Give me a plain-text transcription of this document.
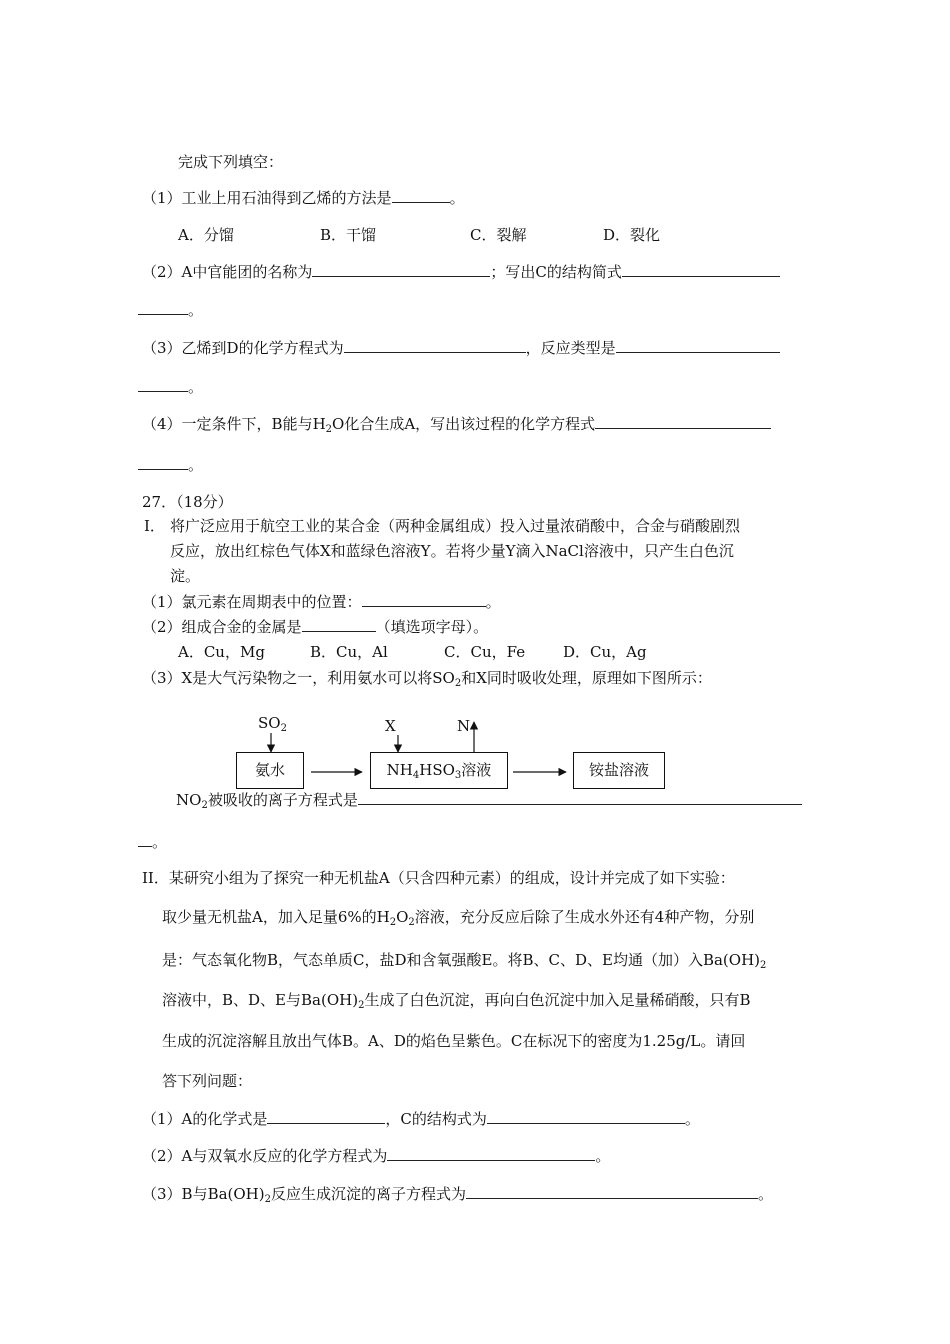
完成下列填空：
（1）工业上用石油得到乙烯的方法是	。
A．分馏	B．干馏	C．裂解	D．裂化
（2）A中官能团的名称为	；写出C的结构简式
。
（3）乙烯到D的化学方程式为	，反应类型是
。
（4）一定条件下，B能与$H_2O$化合生成A，写出该过程的化学方程式
。
27．（18分）
Ⅰ． 将广泛应用于航空工业的某合金（两种金属组成）投入过量浓硝酸中，合金与硝酸剧烈
反应，放出红棕色气体X和蓝绿色溶液Y。若将少量Y滴入NaCl溶液中，只产生白色沉
淀。
（1）氯元素在周期表中的位置：	。
（2）组成合金的金属是	（填选项字母）。
A．Cu，Mg	B．Cu，Al	C．Cu，Fe	D．Cu，Ag
（3）X是大气污染物之一，利用氨水可以将$SO_2$和X同时吸收处理，原理如下图所示：
$SO_2$	X	N
氨水	$NH_4HSO_3$溶液	铵盐溶液
$NO_2$被吸收的离子方程式是
。
II．某研究小组为了探究一种无机盐A（只含四种元素）的组成，设计并完成了如下实验：
取少量无机盐A，加入足量6%的$H_2O_2$溶液，充分反应后除了生成水外还有4种产物，分别
是：气态氧化物B，气态单质C，盐D和含氧强酸E。将B、C、D、E均通（加）入$Ba(OH)_2$
溶液中，B、D、E与$Ba(OH)_2$生成了白色沉淀，再向白色沉淀中加入足量稀硝酸，只有B
生成的沉淀溶解且放出气体B。A、D的焰色呈紫色。C在标况下的密度为1.25g/L。请回
答下列问题：
（1）A的化学式是	，C的结构式为	。
（2）A与双氧水反应的化学方程式为	。
（3）B与$Ba(OH)_2$反应生成沉淀的离子方程式为	。
